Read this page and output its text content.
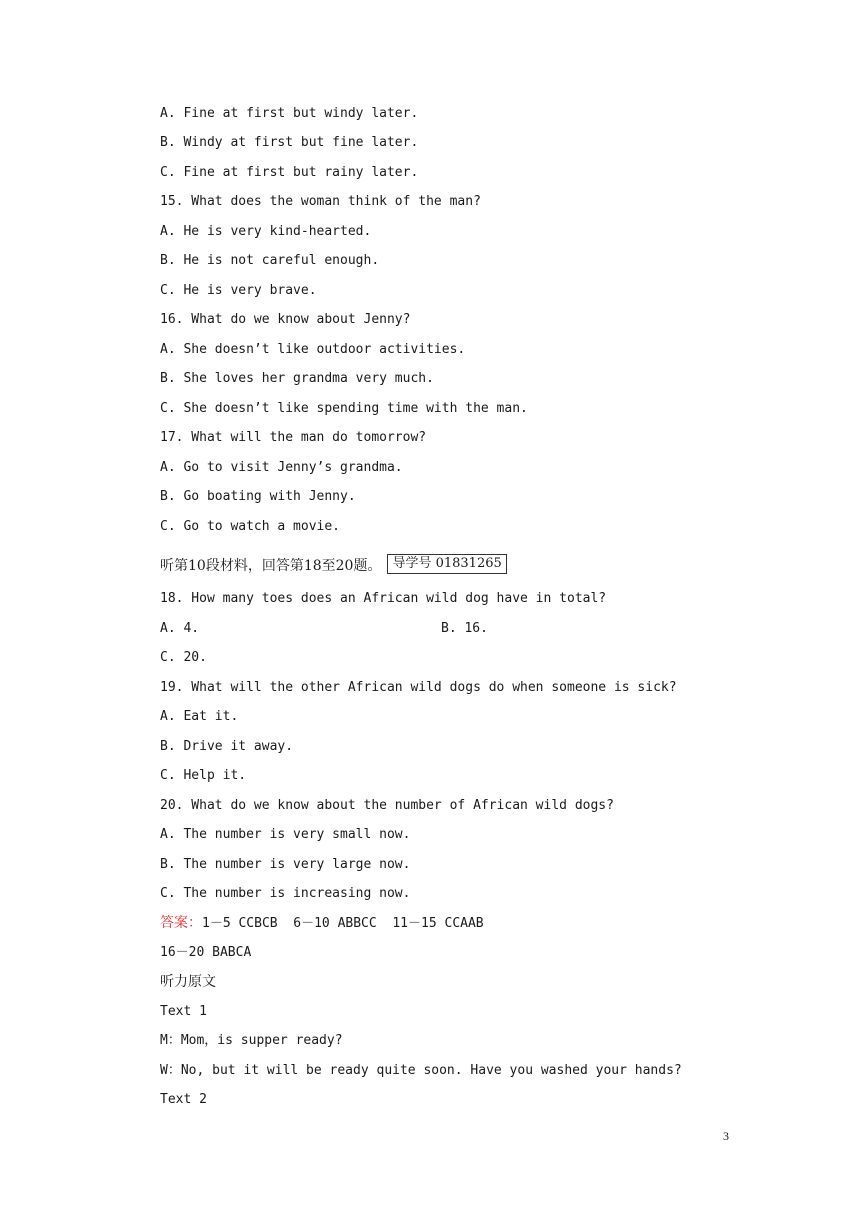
A. Fine at first but windy later.
B. Windy at first but fine later.
C. Fine at first but rainy later.
15. What does the woman think of the man?
A. He is very kind-hearted.
B. He is not careful enough.
C. He is very brave.
16. What do we know about Jenny?
A. She doesn’t like outdoor activities.
B. She loves her grandma very much.
C. She doesn’t like spending time with the man.
17. What will the man do tomorrow?
A. Go to visit Jenny’s grandma.
B. Go boating with Jenny.
C. Go to watch a movie.
听第10段材料，回答第18至20题。 导学号 01831265
18. How many toes does an African wild dog have in total?
A. 4.	B. 16.
C. 20.
19. What will the other African wild dogs do when someone is sick?
A. Eat it.
B. Drive it away.
C. Help it.
20. What do we know about the number of African wild dogs?
A. The number is very small now.
B. The number is very large now.
C. The number is increasing now.
答案：1－5 CCBCB  6－10 ABBCC  11－15 CCAAB
16－20 BABCA
听力原文
Text 1
M：Mom，is supper ready?
W：No, but it will be ready quite soon. Have you washed your hands?
Text 2
3
